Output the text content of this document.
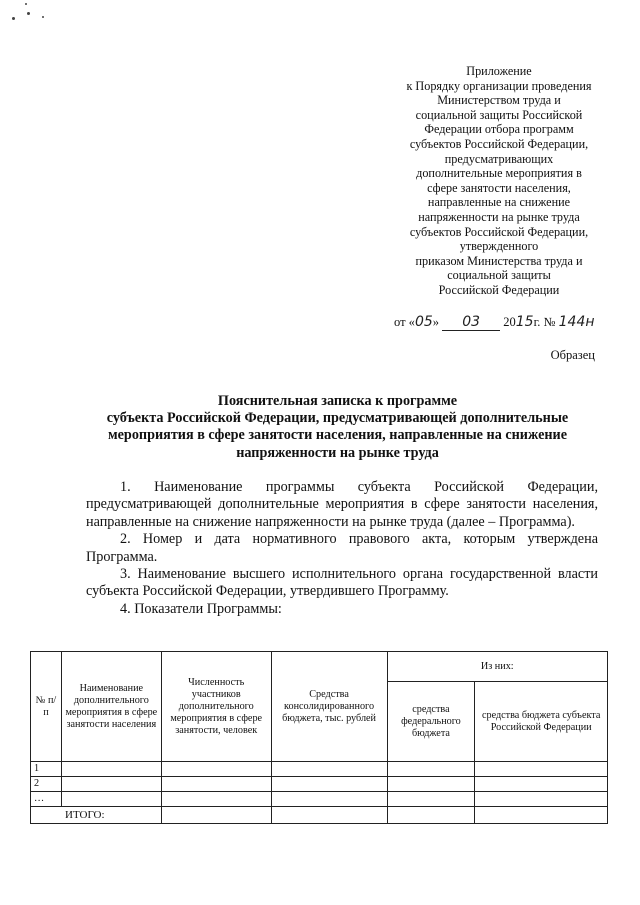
Приложение
к Порядку организации проведения
Министерством труда и
социальной защиты Российской
Федерации отбора программ
субъектов Российской Федерации,
предусматривающих
дополнительные мероприятия в
сфере занятости населения,
направленные на снижение
напряженности на рынке труда
субъектов Российской Федерации,
утвержденного
приказом Министерства труда и
социальной защиты
Российской Федерации
от «05» 03 2015г. № 144н
Образец
Пояснительная записка к программе
субъекта Российской Федерации, предусматривающей дополнительные
мероприятия в сфере занятости населения, направленные на снижение
напряженности на рынке труда

1. Наименование программы субъекта Российской Федерации, предусматривающей дополнительные мероприятия в сфере занятости населения, направленные на снижение напряженности на рынке труда (далее – Программа).

2. Номер и дата нормативного правового акта, которым утверждена Программа.

3. Наименование высшего исполнительного органа государственной власти субъекта Российской Федерации, утвердившего Программу.

4. Показатели Программы:

№ п/п	Наименование дополнительного мероприятия в сфере занятости населения	Численность участников дополнительного мероприятия в сфере занятости, человек	Средства консолидированного бюджета, тыс. рублей	Из них:	
				средства федерального бюджета	средства бюджета субъекта Российской Федерации
1					
2					
…					
ИТОГО:					
